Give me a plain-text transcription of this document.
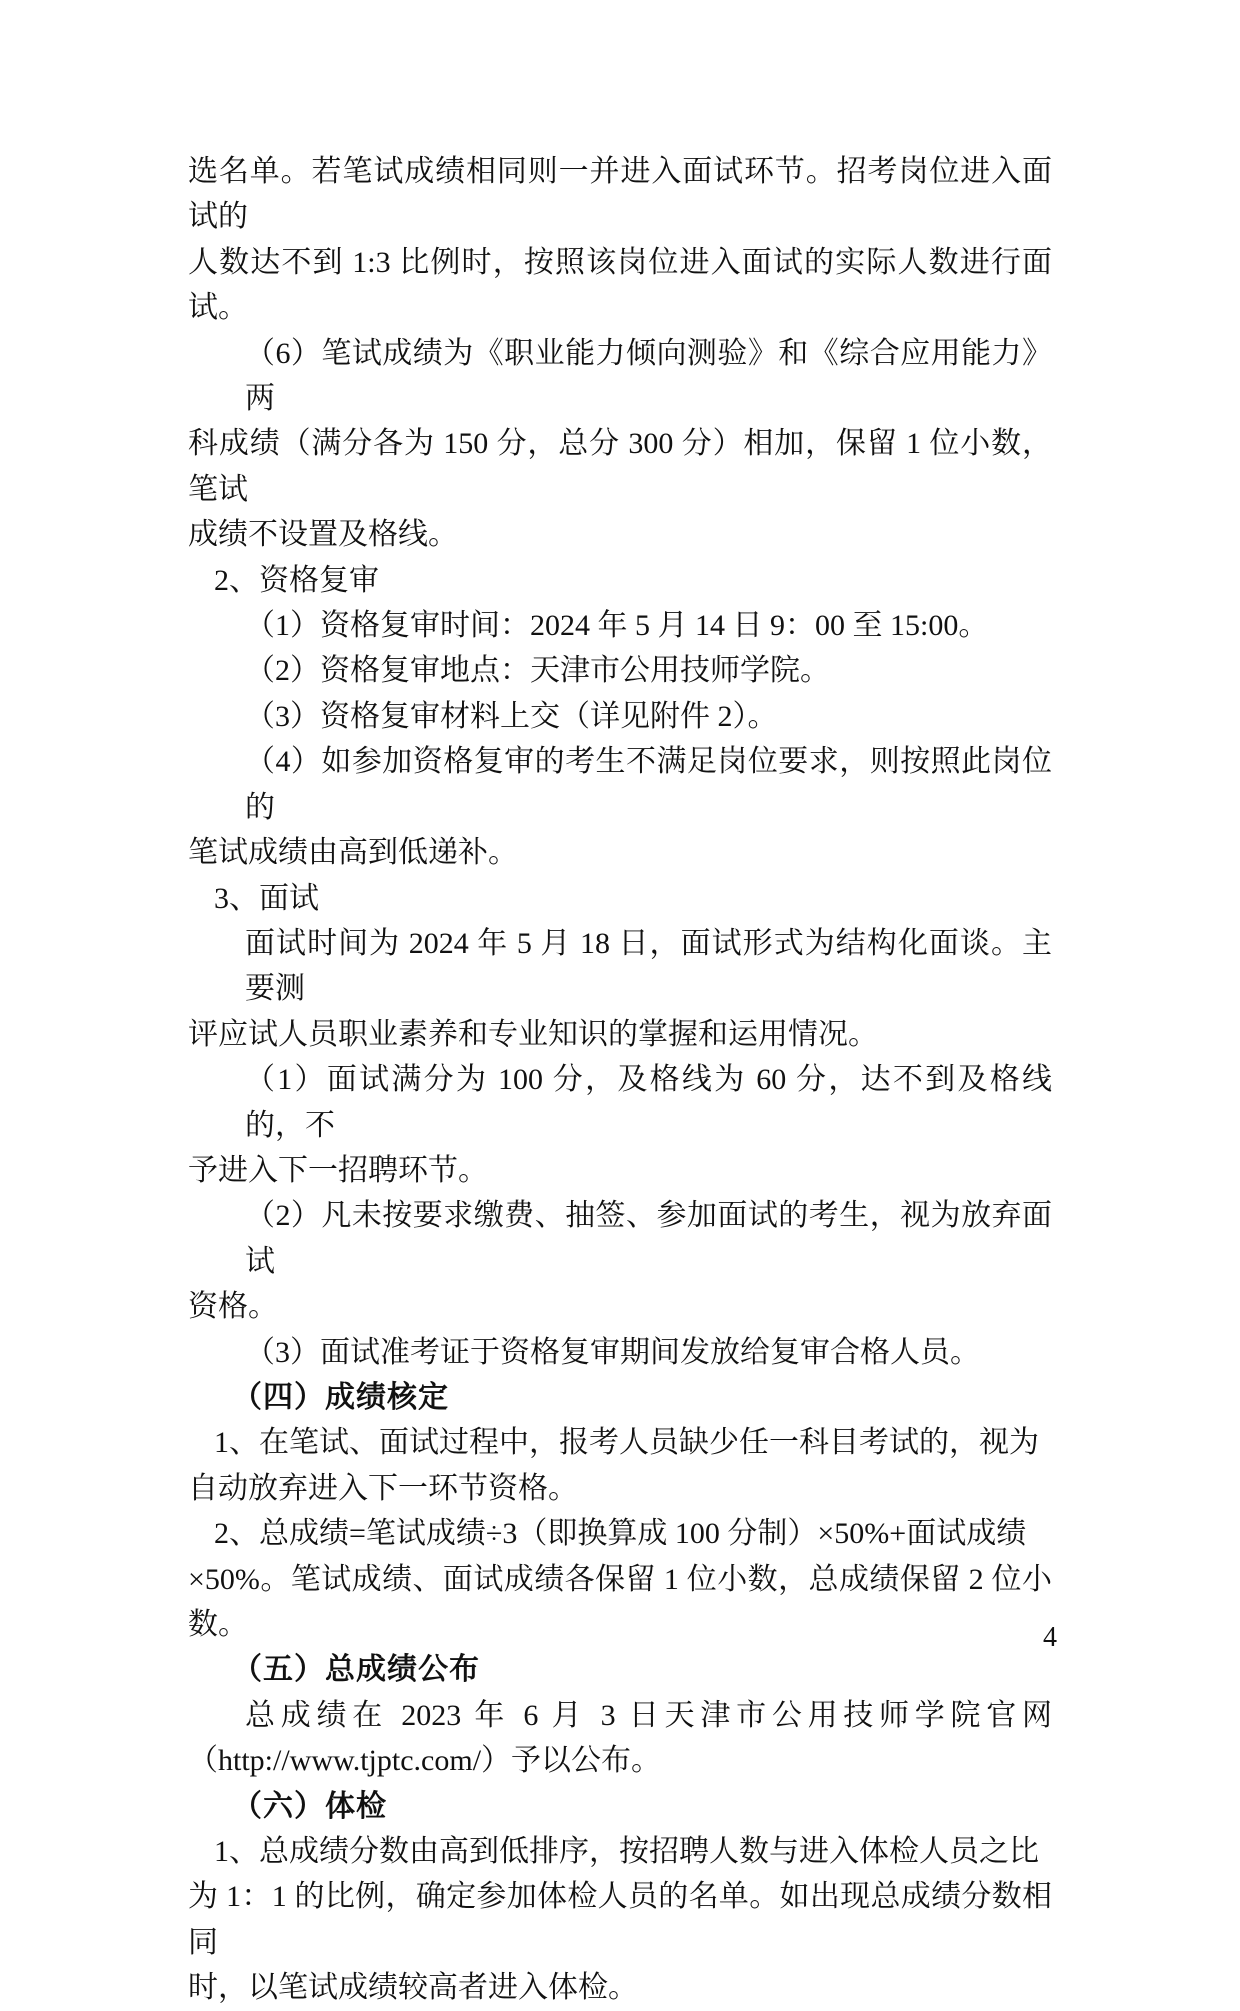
选名单。若笔试成绩相同则一并进入面试环节。招考岗位进入面试的
人数达不到 1:3 比例时，按照该岗位进入面试的实际人数进行面试。
（6）笔试成绩为《职业能力倾向测验》和《综合应用能力》两
科成绩（满分各为 150 分，总分 300 分）相加，保留 1 位小数，笔试
成绩不设置及格线。
2、资格复审
（1）资格复审时间：2024 年 5 月 14 日 9：00 至 15:00。
（2）资格复审地点：天津市公用技师学院。
（3）资格复审材料上交（详见附件 2）。
（4）如参加资格复审的考生不满足岗位要求，则按照此岗位的
笔试成绩由高到低递补。
3、面试
面试时间为 2024 年 5 月 18 日，面试形式为结构化面谈。主要测
评应试人员职业素养和专业知识的掌握和运用情况。
（1）面试满分为 100 分，及格线为 60 分，达不到及格线的，不
予进入下一招聘环节。
（2）凡未按要求缴费、抽签、参加面试的考生，视为放弃面试
资格。
（3）面试准考证于资格复审期间发放给复审合格人员。
（四）成绩核定
1、在笔试、面试过程中，报考人员缺少任一科目考试的，视为
自动放弃进入下一环节资格。
2、总成绩=笔试成绩÷3（即换算成 100 分制）×50%+面试成绩
×50%。笔试成绩、面试成绩各保留 1 位小数，总成绩保留 2 位小数。
（五）总成绩公布
总成绩在 2023 年 6 月 3 日天津市公用技师学院官网
（http://www.tjptc.com/）予以公布。
（六）体检
1、总成绩分数由高到低排序，按招聘人数与进入体检人员之比
为 1：1 的比例，确定参加体检人员的名单。如出现总成绩分数相同
时，以笔试成绩较高者进入体检。
4
